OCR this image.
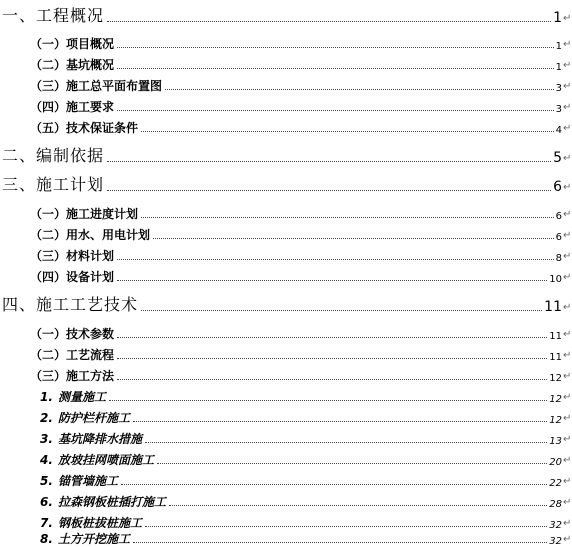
一、工程概况	1 ↵
（一）项目概况	1 ↵
（二）基坑概况	1 ↵
（三）施工总平面布置图	3 ↵
（四）施工要求	3 ↵
（五）技术保证条件	4 ↵
二、编制依据	5 ↵
三、施工计划	6 ↵
（一）施工进度计划	6 ↵
（二）用水、用电计划	6 ↵
（三）材料计划	8 ↵
（四）设备计划	10 ↵
四、施工工艺技术	11 ↵
（一）技术参数	11 ↵
（二）工艺流程	11 ↵
（三）施工方法	12 ↵
1. 测量施工	12 ↵
2. 防护栏杆施工	12 ↵
3. 基坑降排水措施	13 ↵
4. 放坡挂网喷面施工	20 ↵
5. 锚管墙施工	22 ↵
6. 拉森钢板桩插打施工	28 ↵
7. 钢板桩拔桩施工	32 ↵
8. 土方开挖施工	32 ↵
